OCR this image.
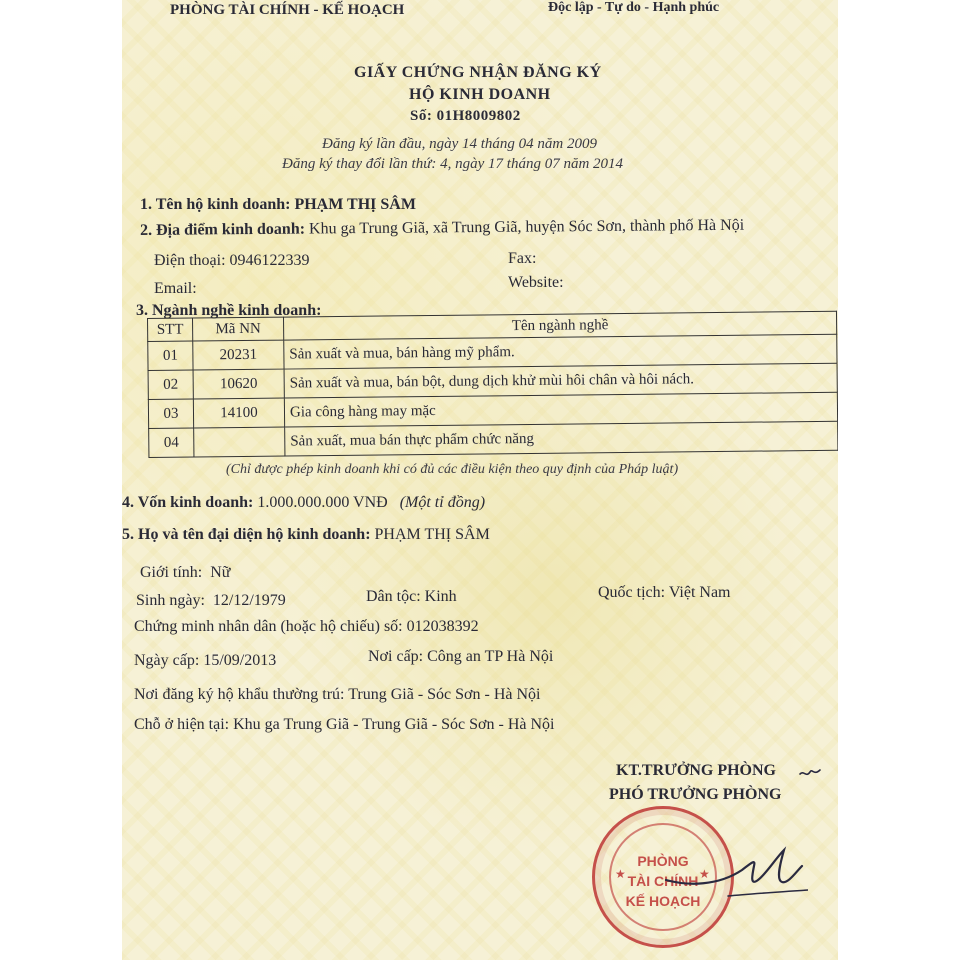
PHÒNG TÀI CHÍNH - KẾ HOẠCH	Độc lập - Tự do - Hạnh phúc
GIẤY CHỨNG NHẬN ĐĂNG KÝ
HỘ KINH DOANH
Số: 01H8009802
Đăng ký lần đầu, ngày 14 tháng 04 năm 2009
Đăng ký thay đổi lần thứ: 4, ngày 17 tháng 07 năm 2014
1. Tên hộ kinh doanh: PHẠM THỊ SÂM
2. Địa điểm kinh doanh: Khu ga Trung Giã, xã Trung Giã, huyện Sóc Sơn, thành phố Hà Nội
Điện thoại: 0946122339	Fax:
Email:	Website:
3. Ngành nghề kinh doanh:
STT	Mã NN	Tên ngành nghề
01	20231	Sản xuất và mua, bán hàng mỹ phẩm.
02	10620	Sản xuất và mua, bán bột, dung dịch khử mùi hôi chân và hôi nách.
03	14100	Gia công hàng may mặc
04		Sản xuất, mua bán thực phẩm chức năng
(Chỉ được phép kinh doanh khi có đủ các điều kiện theo quy định của Pháp luật)
4. Vốn kinh doanh: 1.000.000.000 VNĐ (Một tỉ đồng)
5. Họ và tên đại diện hộ kinh doanh: PHẠM THỊ SÂM
Giới tính: Nữ
Sinh ngày: 12/12/1979	Dân tộc: Kinh	Quốc tịch: Việt Nam
Chứng minh nhân dân (hoặc hộ chiếu) số: 012038392
Ngày cấp: 15/09/2013	Nơi cấp: Công an TP Hà Nội
Nơi đăng ký hộ khẩu thường trú: Trung Giã - Sóc Sơn - Hà Nội
Chỗ ở hiện tại: Khu ga Trung Giã - Trung Giã - Sóc Sơn - Hà Nội
KT.TRƯỞNG PHÒNG
PHÓ TRƯỞNG PHÒNG
★	★
PHÒNG
TÀI CHÍNH
KẾ HOẠCH
